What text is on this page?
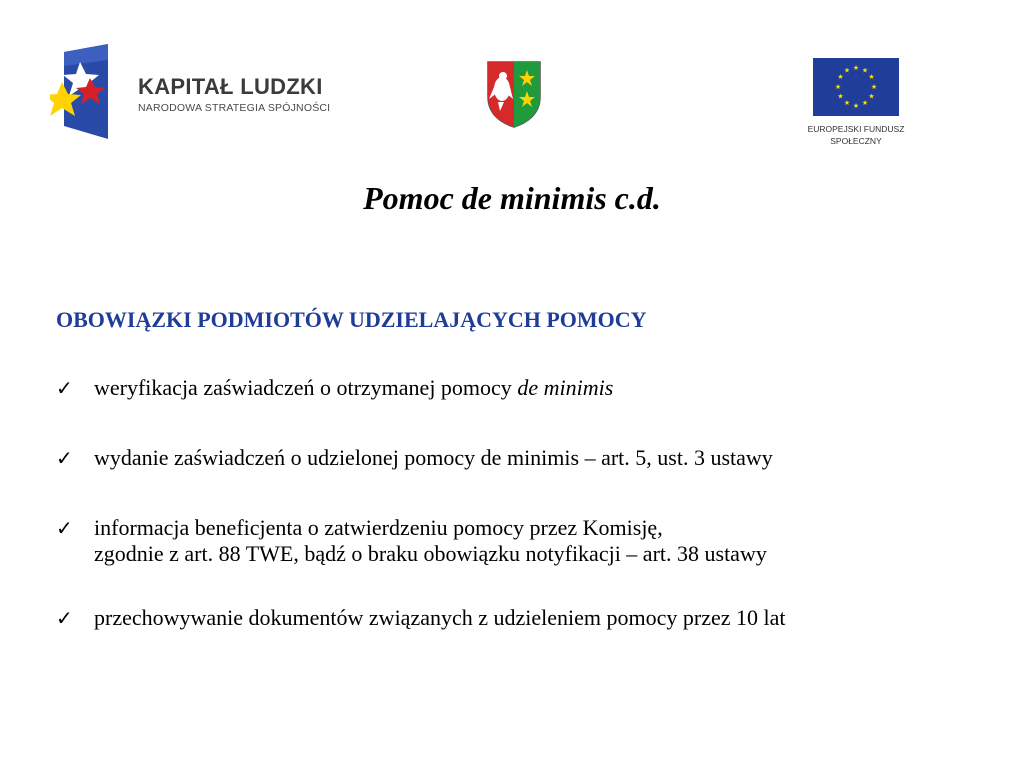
KAPITAŁ LUDZKI
NARODOWA STRATEGIA SPÓJNOŚCI
★ ★
★
★
★
★
★
★
★
★
★
★
EUROPEJSKI FUNDUSZ
SPOŁECZNY
Pomoc de minimis c.d.
OBOWIĄZKI PODMIOTÓW UDZIELAJĄCYCH POMOCY
✓ weryfikacja zaświadczeń o otrzymanej pomocy de minimis
✓ wydanie zaświadczeń o udzielonej pomocy de minimis – art. 5, ust. 3 ustawy
✓ informacja beneficjenta o zatwierdzeniu pomocy przez Komisję,
zgodnie z art. 88 TWE, bądź o braku obowiązku notyfikacji – art. 38 ustawy
✓ przechowywanie dokumentów związanych z udzieleniem pomocy przez 10 lat
